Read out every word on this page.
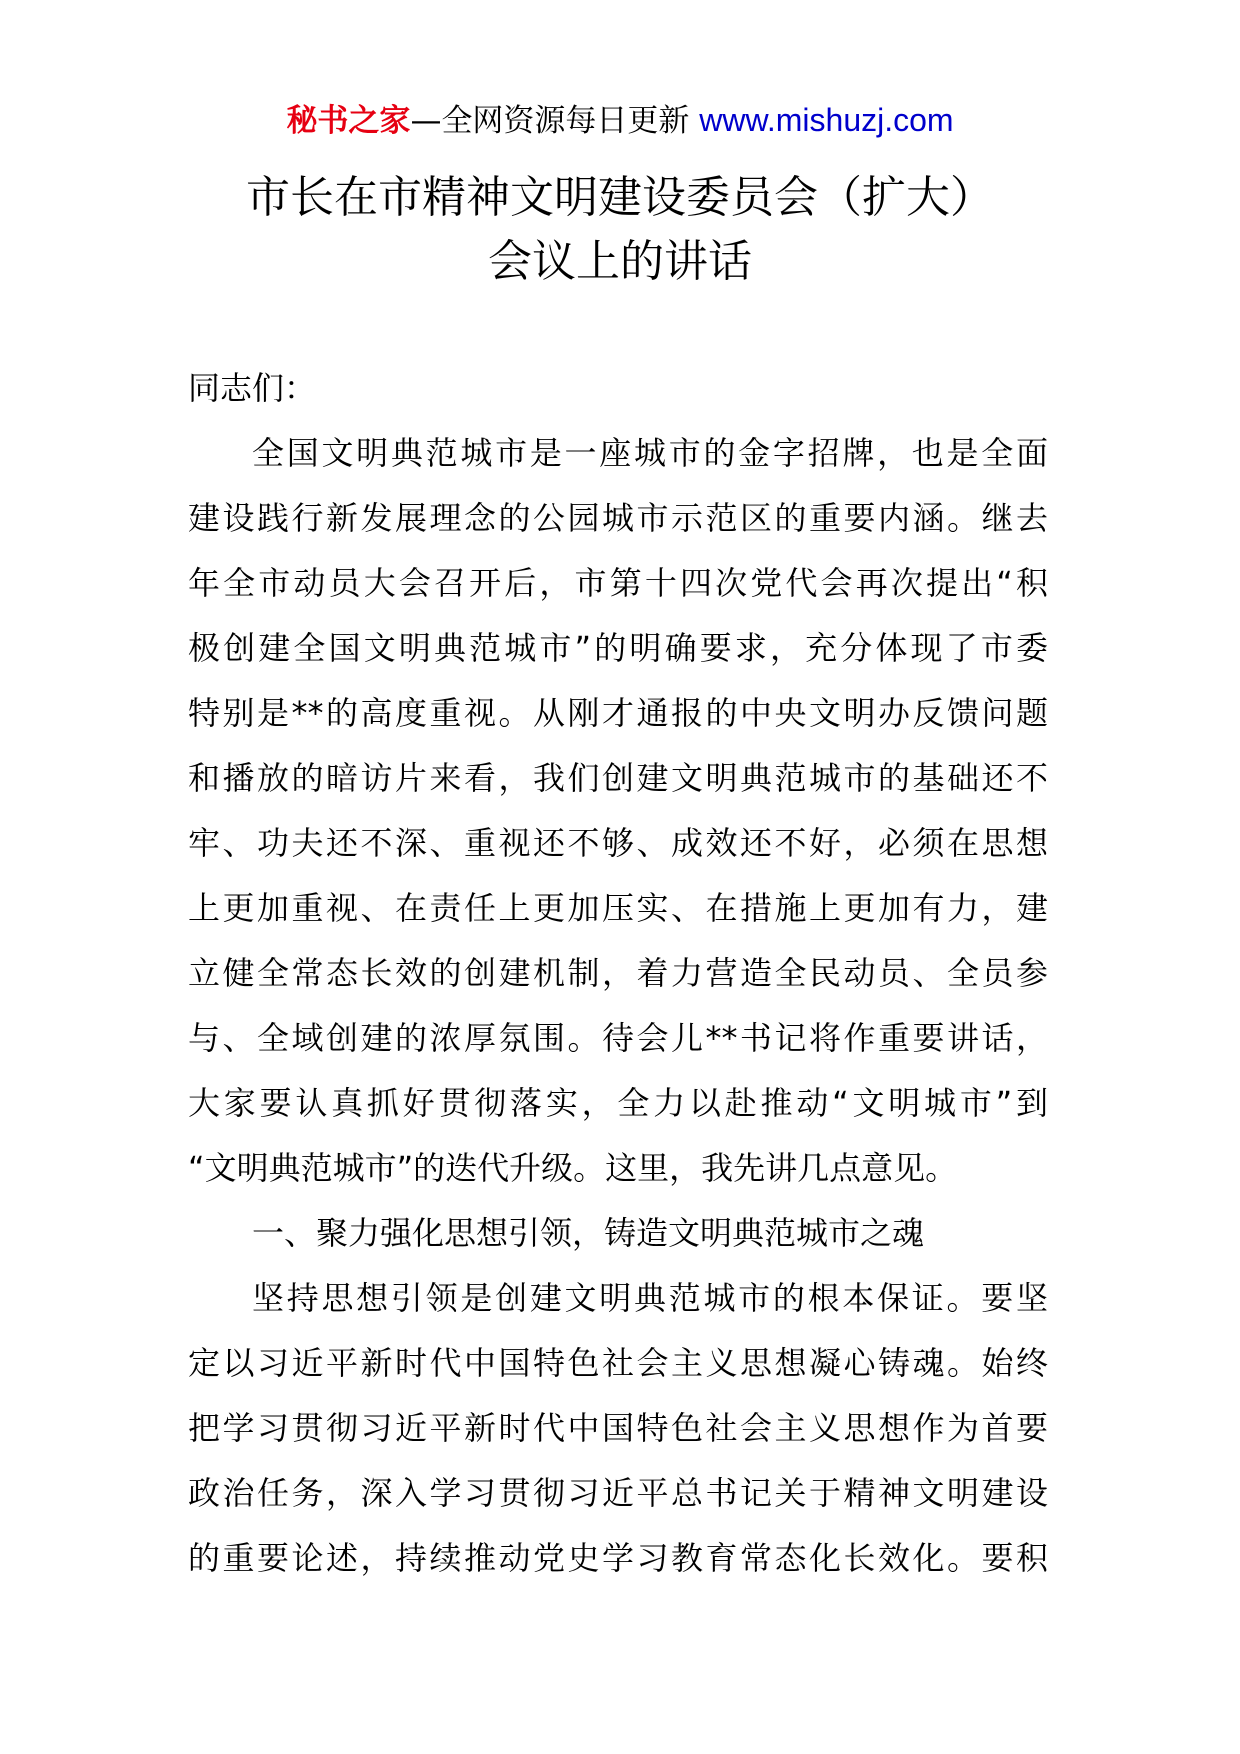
秘书之家—全网资源每日更新 www.mishuzj.com
市长在市精神文明建设委员会（扩大）
会议上的讲话
同志们：
全国文明典范城市是一座城市的金字招牌，也是全面
建设践行新发展理念的公园城市示范区的重要内涵。继去
年全市动员大会召开后，市第十四次党代会再次提出“积
极创建全国文明典范城市”的明确要求，充分体现了市委
特别是**的高度重视。从刚才通报的中央文明办反馈问题
和播放的暗访片来看，我们创建文明典范城市的基础还不
牢、功夫还不深、重视还不够、成效还不好，必须在思想
上更加重视、在责任上更加压实、在措施上更加有力，建
立健全常态长效的创建机制，着力营造全民动员、全员参
与、全域创建的浓厚氛围。待会儿**书记将作重要讲话，
大家要认真抓好贯彻落实，全力以赴推动“文明城市”到
“文明典范城市”的迭代升级。这里，我先讲几点意见。
一、聚力强化思想引领，铸造文明典范城市之魂
坚持思想引领是创建文明典范城市的根本保证。要坚
定以习近平新时代中国特色社会主义思想凝心铸魂。始终
把学习贯彻习近平新时代中国特色社会主义思想作为首要
政治任务，深入学习贯彻习近平总书记关于精神文明建设
的重要论述，持续推动党史学习教育常态化长效化。要积
